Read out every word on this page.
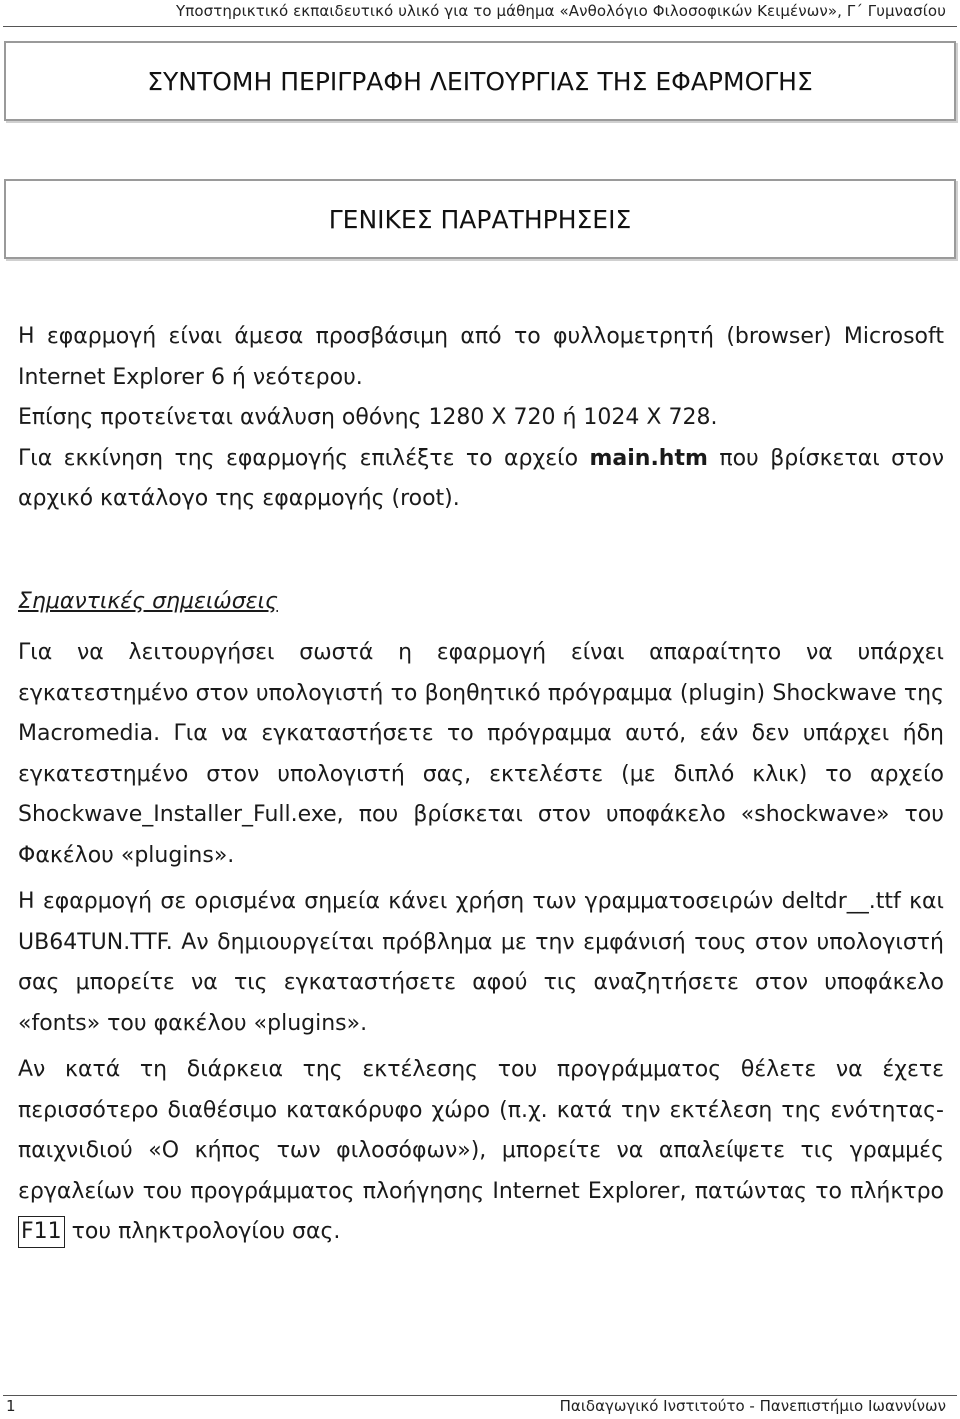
Υποστηρικτικό εκπαιδευτικό υλικό για το μάθημα «Ανθολόγιο Φιλοσοφικών Κειμένων», Γ΄ Γυμνασίου
ΣΥΝΤΟΜΗ ΠΕΡΙΓΡΑΦΗ ΛΕΙΤΟΥΡΓΙΑΣ ΤΗΣ ΕΦΑΡΜΟΓΗΣ
ΓΕΝΙΚΕΣ ΠΑΡΑΤΗΡΗΣΕΙΣ

Η εφαρμογή είναι άμεσα προσβάσιμη από το φυλλομετρητή (browser) Microsoft Internet Explorer 6 ή νεότερου.

Επίσης προτείνεται ανάλυση οθόνης 1280 Χ 720 ή 1024 Χ 728.

Για εκκίνηση της εφαρμογής επιλέξτε το αρχείο main.htm που βρίσκεται στον αρχικό κατάλογο της εφαρμογής (root).

Σημαντικές σημειώσεις

Για να λειτουργήσει σωστά η εφαρμογή είναι απαραίτητο να υπάρχει εγκατεστημένο στον υπολογιστή το βοηθητικό πρόγραμμα (plugin) Shockwave της Macromedia. Για να εγκαταστήσετε το πρόγραμμα αυτό, εάν δεν υπάρχει ήδη εγκατεστημένο στον υπολογιστή σας, εκτελέστε (με διπλό κλικ) το αρχείο Shockwave_Installer_Full.exe, που βρίσκεται στον υποφάκελο «shockwave» του Φακέλου «plugins».

Η εφαρμογή σε ορισμένα σημεία κάνει χρήση των γραμματοσειρών deltdr__.ttf και UB64TUN.TTF. Αν δημιουργείται πρόβλημα με την εμφάνισή τους στον υπολογιστή σας μπορείτε να τις εγκαταστήσετε αφού τις αναζητήσετε στον υποφάκελο «fonts» του φακέλου «plugins».

Αν κατά τη διάρκεια της εκτέλεσης του προγράμματος θέλετε να έχετε περισσότερο διαθέσιμο κατακόρυφο χώρο (π.χ. κατά την εκτέλεση της ενότητας-παιχνιδιού «Ο κήπος των φιλοσόφων»), μπορείτε να απαλείψετε τις γραμμές εργαλείων του προγράμματος πλοήγησης Internet Explorer, πατώντας το πλήκτρο F11 του πληκτρολογίου σας.

1	Παιδαγωγικό Ινστιτούτο - Πανεπιστήμιο Ιωαννίνων
